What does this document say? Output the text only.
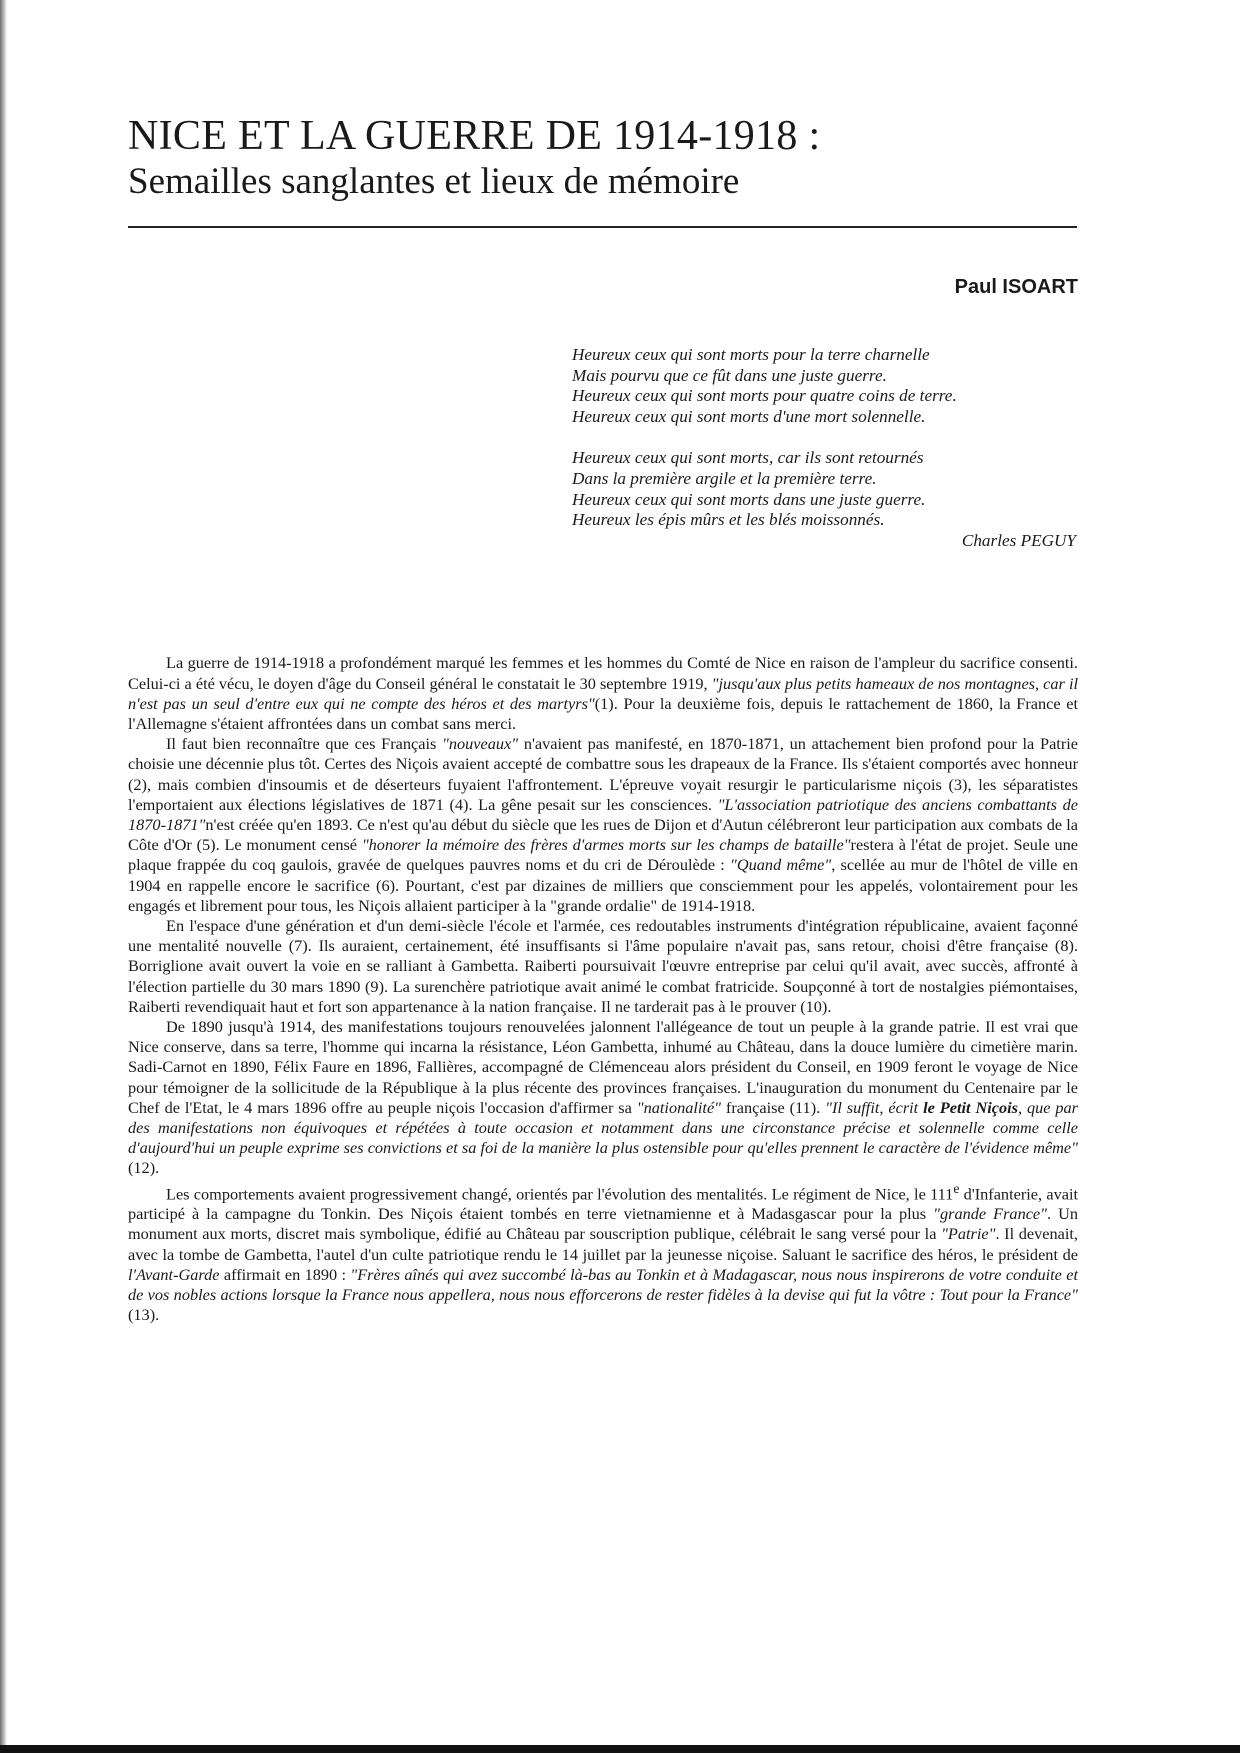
NICE ET LA GUERRE DE 1914-1918 :
Semailles sanglantes et lieux de mémoire
Paul ISOART

Heureux ceux qui sont morts pour la terre charnelle

Mais pourvu que ce fût dans une juste guerre.

Heureux ceux qui sont morts pour quatre coins de terre.

Heureux ceux qui sont morts d'une mort solennelle.

Heureux ceux qui sont morts, car ils sont retournés

Dans la première argile et la première terre.

Heureux ceux qui sont morts dans une juste guerre.

Heureux les épis mûrs et les blés moissonnés.

Charles PEGUY

La guerre de 1914-1918 a profondément marqué les femmes et les hommes du Comté de Nice en raison de l'ampleur du sacrifice consenti. Celui-ci a été vécu, le doyen d'âge du Conseil général le constatait le 30 septembre 1919, "jusqu'aux plus petits hameaux de nos montagnes, car il n'est pas un seul d'entre eux qui ne compte des héros et des martyrs"(1). Pour la deuxième fois, depuis le rattachement de 1860, la France et l'Allemagne s'étaient affrontées dans un combat sans merci.

Il faut bien reconnaître que ces Français "nouveaux" n'avaient pas manifesté, en 1870-1871, un attachement bien profond pour la Patrie choisie une décennie plus tôt. Certes des Niçois avaient accepté de combattre sous les drapeaux de la France. Ils s'étaient comportés avec honneur (2), mais combien d'insoumis et de déserteurs fuyaient l'affrontement. L'épreuve voyait resurgir le particularisme niçois (3), les séparatistes l'emportaient aux élections législatives de 1871 (4). La gêne pesait sur les consciences. "L'association patriotique des anciens combattants de 1870-1871"n'est créée qu'en 1893. Ce n'est qu'au début du siècle que les rues de Dijon et d'Autun célébreront leur participation aux combats de la Côte d'Or (5). Le monument censé "honorer la mémoire des frères d'armes morts sur les champs de bataille"restera à l'état de projet. Seule une plaque frappée du coq gaulois, gravée de quelques pauvres noms et du cri de Déroulède : "Quand même", scellée au mur de l'hôtel de ville en 1904 en rappelle encore le sacrifice (6). Pourtant, c'est par dizaines de milliers que consciemment pour les appelés, volontairement pour les engagés et librement pour tous, les Niçois allaient participer à la "grande ordalie" de 1914-1918.

En l'espace d'une génération et d'un demi-siècle l'école et l'armée, ces redoutables instruments d'intégration républicaine, avaient façonné une mentalité nouvelle (7). Ils auraient, certainement, été insuffisants si l'âme populaire n'avait pas, sans retour, choisi d'être française (8). Borriglione avait ouvert la voie en se ralliant à Gambetta. Raiberti poursuivait l'œuvre entreprise par celui qu'il avait, avec succès, affronté à l'élection partielle du 30 mars 1890 (9). La surenchère patriotique avait animé le combat fratricide. Soupçonné à tort de nostalgies piémontaises, Raiberti revendiquait haut et fort son appartenance à la nation française. Il ne tarderait pas à le prouver (10).

De 1890 jusqu'à 1914, des manifestations toujours renouvelées jalonnent l'allégeance de tout un peuple à la grande patrie. Il est vrai que Nice conserve, dans sa terre, l'homme qui incarna la résistance, Léon Gambetta, inhumé au Château, dans la douce lumière du cimetière marin. Sadi-Carnot en 1890, Félix Faure en 1896, Fallières, accompagné de Clémenceau alors président du Conseil, en 1909 feront le voyage de Nice pour témoigner de la sollicitude de la République à la plus récente des provinces françaises. L'inauguration du monument du Centenaire par le Chef de l'Etat, le 4 mars 1896 offre au peuple niçois l'occasion d'affirmer sa "nationalité" française (11). "Il suffit, écrit le Petit Niçois, que par des manifestations non équivoques et répétées à toute occasion et notamment dans une circonstance précise et solennelle comme celle d'aujourd'hui un peuple exprime ses convictions et sa foi de la manière la plus ostensible pour qu'elles prennent le caractère de l'évidence même"(12).

Les comportements avaient progressivement changé, orientés par l'évolution des mentalités. Le régiment de Nice, le 111e d'Infanterie, avait participé à la campagne du Tonkin. Des Niçois étaient tombés en terre vietnamienne et à Madasgascar pour la plus "grande France". Un monument aux morts, discret mais symbolique, édifié au Château par souscription publique, célébrait le sang versé pour la "Patrie". Il devenait, avec la tombe de Gambetta, l'autel d'un culte patriotique rendu le 14 juillet par la jeunesse niçoise. Saluant le sacrifice des héros, le président de l'Avant-Garde affirmait en 1890 : "Frères aînés qui avez succombé là-bas au Tonkin et à Madagascar, nous nous inspirerons de votre conduite et de vos nobles actions lorsque la France nous appellera, nous nous efforcerons de rester fidèles à la devise qui fut la vôtre : Tout pour la France"(13).
